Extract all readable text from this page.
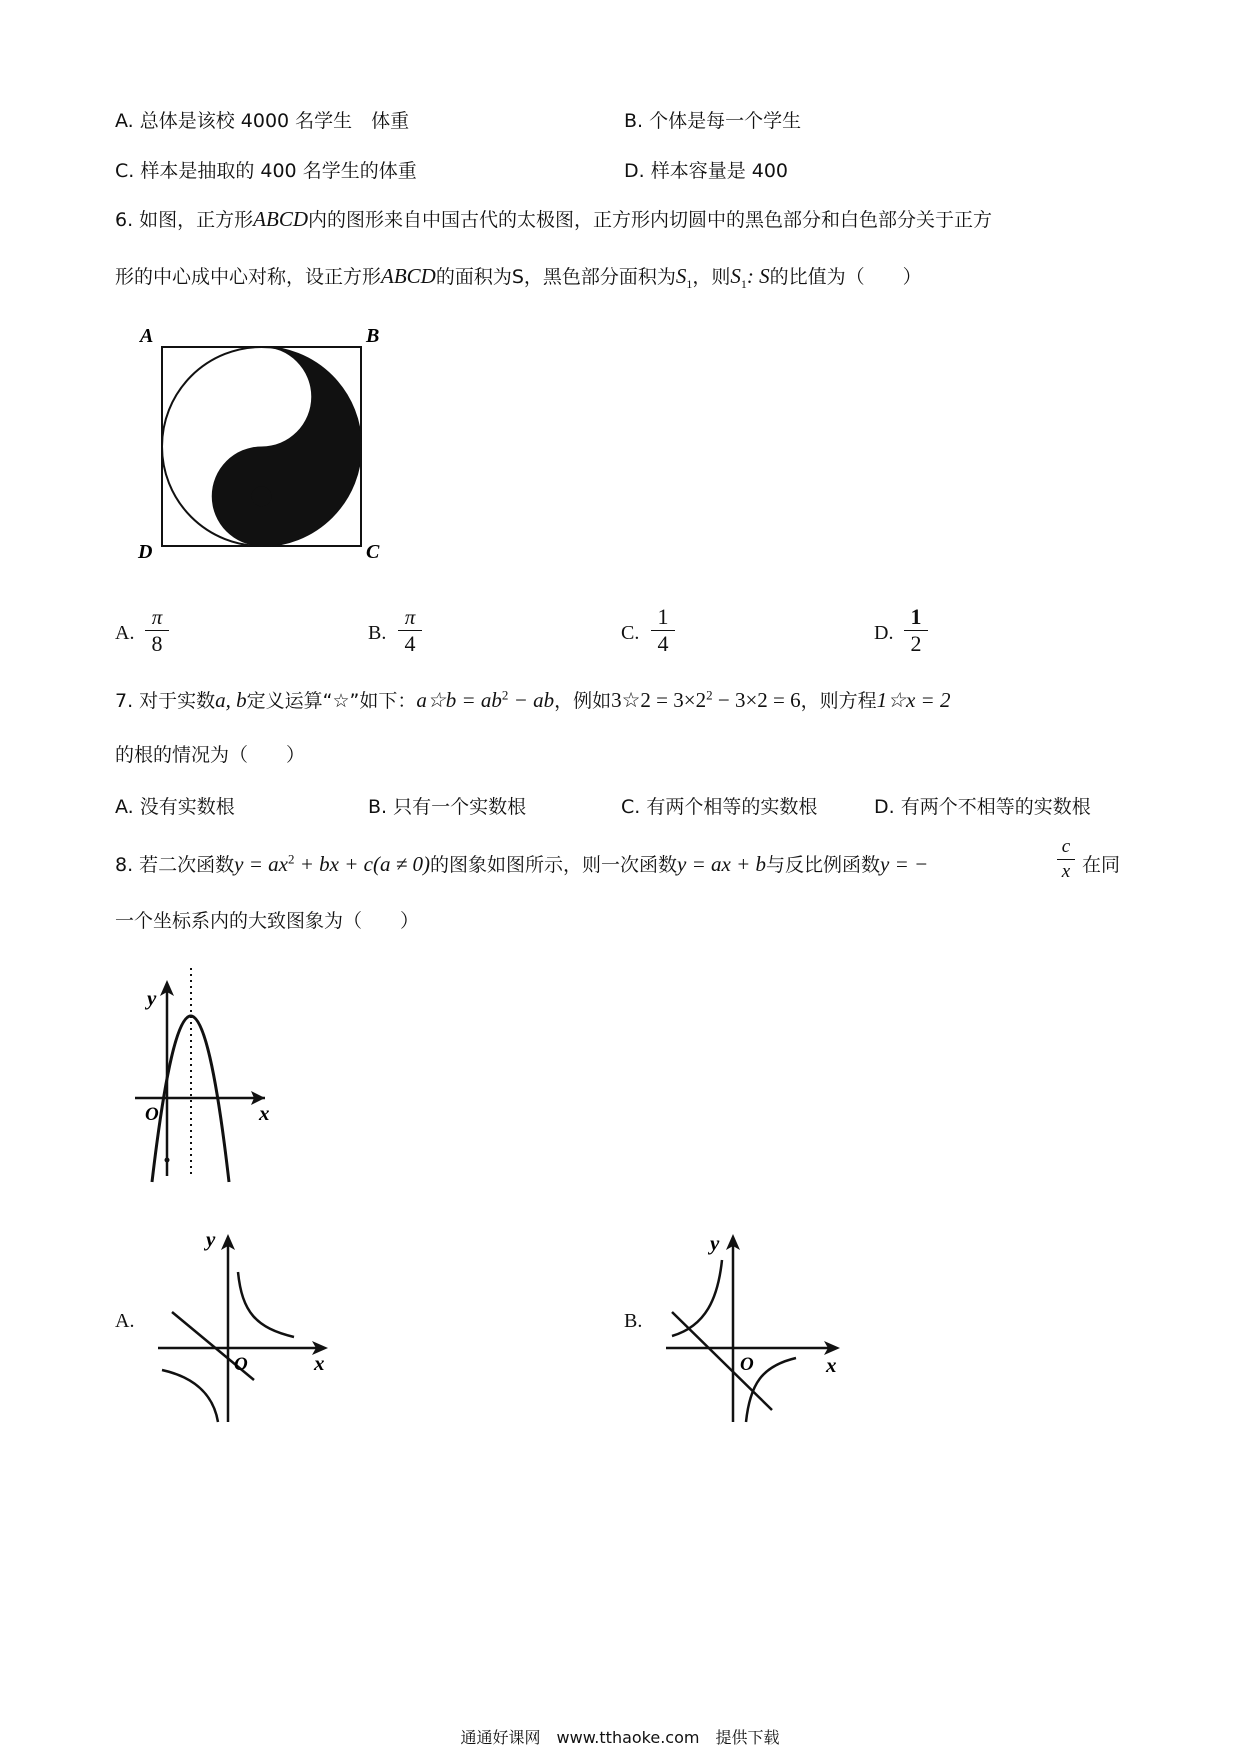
A. 总体是该校 4000 名学生　体重	B. 个体是每一个学生
C. 样本是抽取的 400 名学生的体重	D. 样本容量是 400
6. 如图，正方形ABCD内的图形来自中国古代的太极图，正方形内切圆中的黑色部分和白色部分关于正方
形的中心成中心对称，设正方形ABCD的面积为S，黑色部分面积为$S_1$，则$S_1$: S的比值为（　　）
A	B
D	C
A.
π
8	B.
π
4	C.
1
4	D.
1
2
7. 对于实数a, b定义运算“☆”如下：a☆b = $ab^2$ − ab，例如3☆2 = $3\times 2^2 - 3\times 2 = 6$，则方程1☆x = 2
的根的情况为（　　）
A. 没有实数根	B. 只有一个实数根	C. 有两个相等的实数根	D. 有两个不相等的实数根
8. 若二次函数$y = ax^2$ + bx + c(a ≠ 0)的图象如图所示，则一次函数y = ax + b与反比例函数y = −
c
x 在同
一个坐标系内的大致图象为（　　）
y
x
O
A.
y
x
O
B.
y
x
O
通通好课网　www.tthaoke.com　提供下载
